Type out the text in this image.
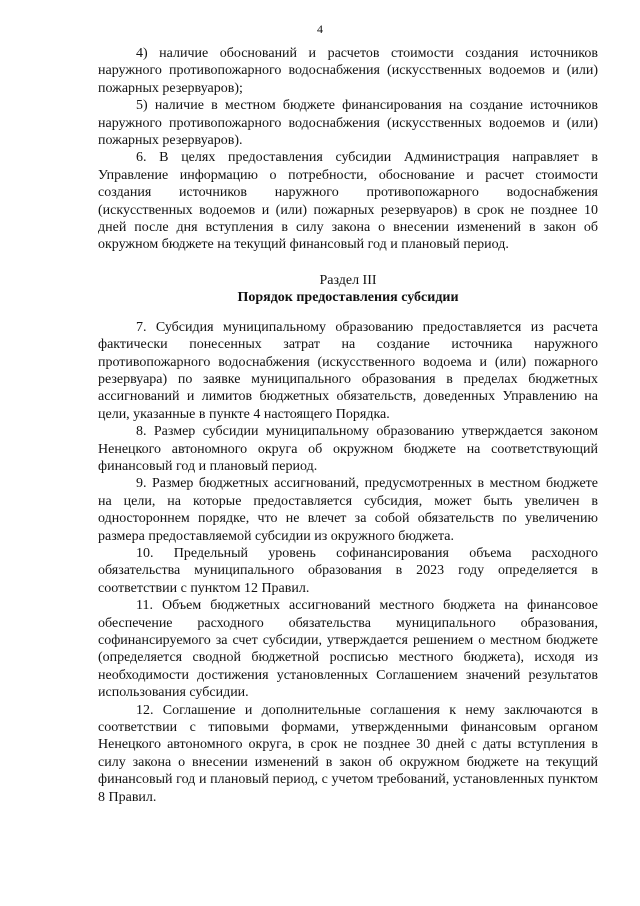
4

4) наличие обоснований и расчетов стоимости создания источников наружного противопожарного водоснабжения (искусственных водоемов и (или) пожарных резервуаров);

5) наличие в местном бюджете финансирования на создание источников наружного противопожарного водоснабжения (искусственных водоемов и (или) пожарных резервуаров).

6. В целях предоставления субсидии Администрация направляет в Управление информацию о потребности, обоснование и расчет стоимости создания источников наружного противопожарного водоснабжения (искусственных водоемов и (или) пожарных резервуаров) в срок не позднее 10 дней после дня вступления в силу закона о внесении изменений в закон об окружном бюджете на текущий финансовый год и плановый период.

Раздел III
Порядок предоставления субсидии

7. Субсидия муниципальному образованию предоставляется из расчета фактически понесенных затрат на создание источника наружного противопожарного водоснабжения (искусственного водоема и (или) пожарного резервуара) по заявке муниципального образования в пределах бюджетных ассигнований и лимитов бюджетных обязательств, доведенных Управлению на цели, указанные в пункте 4 настоящего Порядка.

8. Размер субсидии муниципальному образованию утверждается законом Ненецкого автономного округа об окружном бюджете на соответствующий финансовый год и плановый период.

9. Размер бюджетных ассигнований, предусмотренных в местном бюджете на цели, на которые предоставляется субсидия, может быть увеличен в одностороннем порядке, что не влечет за собой обязательств по увеличению размера предоставляемой субсидии из окружного бюджета.

10. Предельный уровень софинансирования объема расходного обязательства муниципального образования в 2023 году определяется в соответствии с пунктом 12 Правил.

11. Объем бюджетных ассигнований местного бюджета на финансовое обеспечение расходного обязательства муниципального образования, софинансируемого за счет субсидии, утверждается решением о местном бюджете (определяется сводной бюджетной росписью местного бюджета), исходя из необходимости достижения установленных Соглашением значений результатов использования субсидии.

12. Соглашение и дополнительные соглашения к нему заключаются в соответствии с типовыми формами, утвержденными финансовым органом Ненецкого автономного округа, в срок не позднее 30 дней с даты вступления в силу закона о внесении изменений в закон об окружном бюджете на текущий финансовый год и плановый период, с учетом требований, установленных пунктом 8 Правил.
